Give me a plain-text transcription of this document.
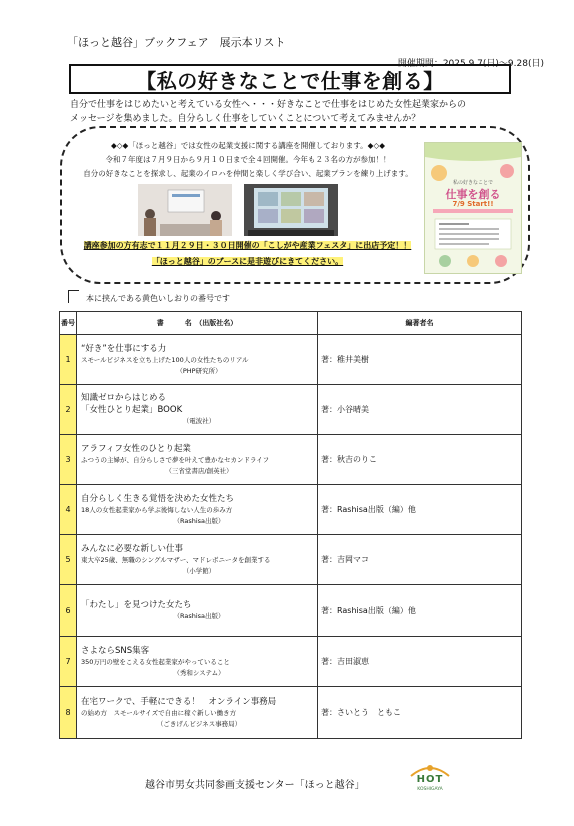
「ほっと越谷」ブックフェア　展示本リスト
開催期間：2025.9.7(日)～9.28(日)
【私の好きなことで仕事を創る】
自分で仕事をはじめたいと考えている女性へ・・・好きなことで仕事をはじめた女性起業家からの
メッセージを集めました。自分らしく仕事をしていくことについて考えてみませんか？
◆◇◆「ほっと越谷」では女性の起業支援に関する講座を開催しております。◆◇◆
令和７年度は７月９日から９月１０日まで全４回開催。今年も２３名の方が参加！！
自分の好きなことを探求し、起業のイロハを仲間と楽しく学び合い、起業プランを練り上げます。
講座参加の方有志で１１月２９日・３０日開催の「こしがや産業フェスタ」に出店予定！！
「ほっと越谷」のブースに是非遊びにきてください。
私の好きなことで
仕事を創る
7/9 Start!!
本に挟んである黄色いしおりの番号です
番号	書　　　名　（出版社名）	編著者名
1	“好き”を仕事にする力
スモールビジネスを立ち上げた100人の女性たちのリアル
（PHP研究所）	著：稚井美樹
2	知識ゼロからはじめる
「女性ひとり起業」BOOK
（電波社）	著：小谷晴美
3	アラフィフ女性のひとり起業
ふつうの主婦が、自分らしさで夢を叶えて豊かなセカンドライフ
（三省堂書店/創英社）	著：秋吉のりこ
4	自分らしく生きる覚悟を決めた女性たち
18人の女性起業家から学ぶ後悔しない人生の歩み方
（Rashisa出版）	著：Rashisa出版（編）他
5	みんなに必要な新しい仕事
東大卒25歳、無職のシングルマザー、マドレボニータを創業する
（小学館）	著：吉岡マコ
6	「わたし」を見つけた女たち
（Rashisa出版）	著：Rashisa出版（編）他
7	さよならSNS集客
350万円の壁をこえる女性起業家がやっていること
（秀和システム）	著：吉田淑恵
8	在宅ワークで、手軽にできる！　オンライン事務局
の始め方　スモールサイズで自由に稼ぐ新しい働き方
（ごきげんビジネス事務局）	著：さいとう　ともこ
越谷市男女共同参画支援センター「ほっと越谷」
HOT
KOSHIGAYA
